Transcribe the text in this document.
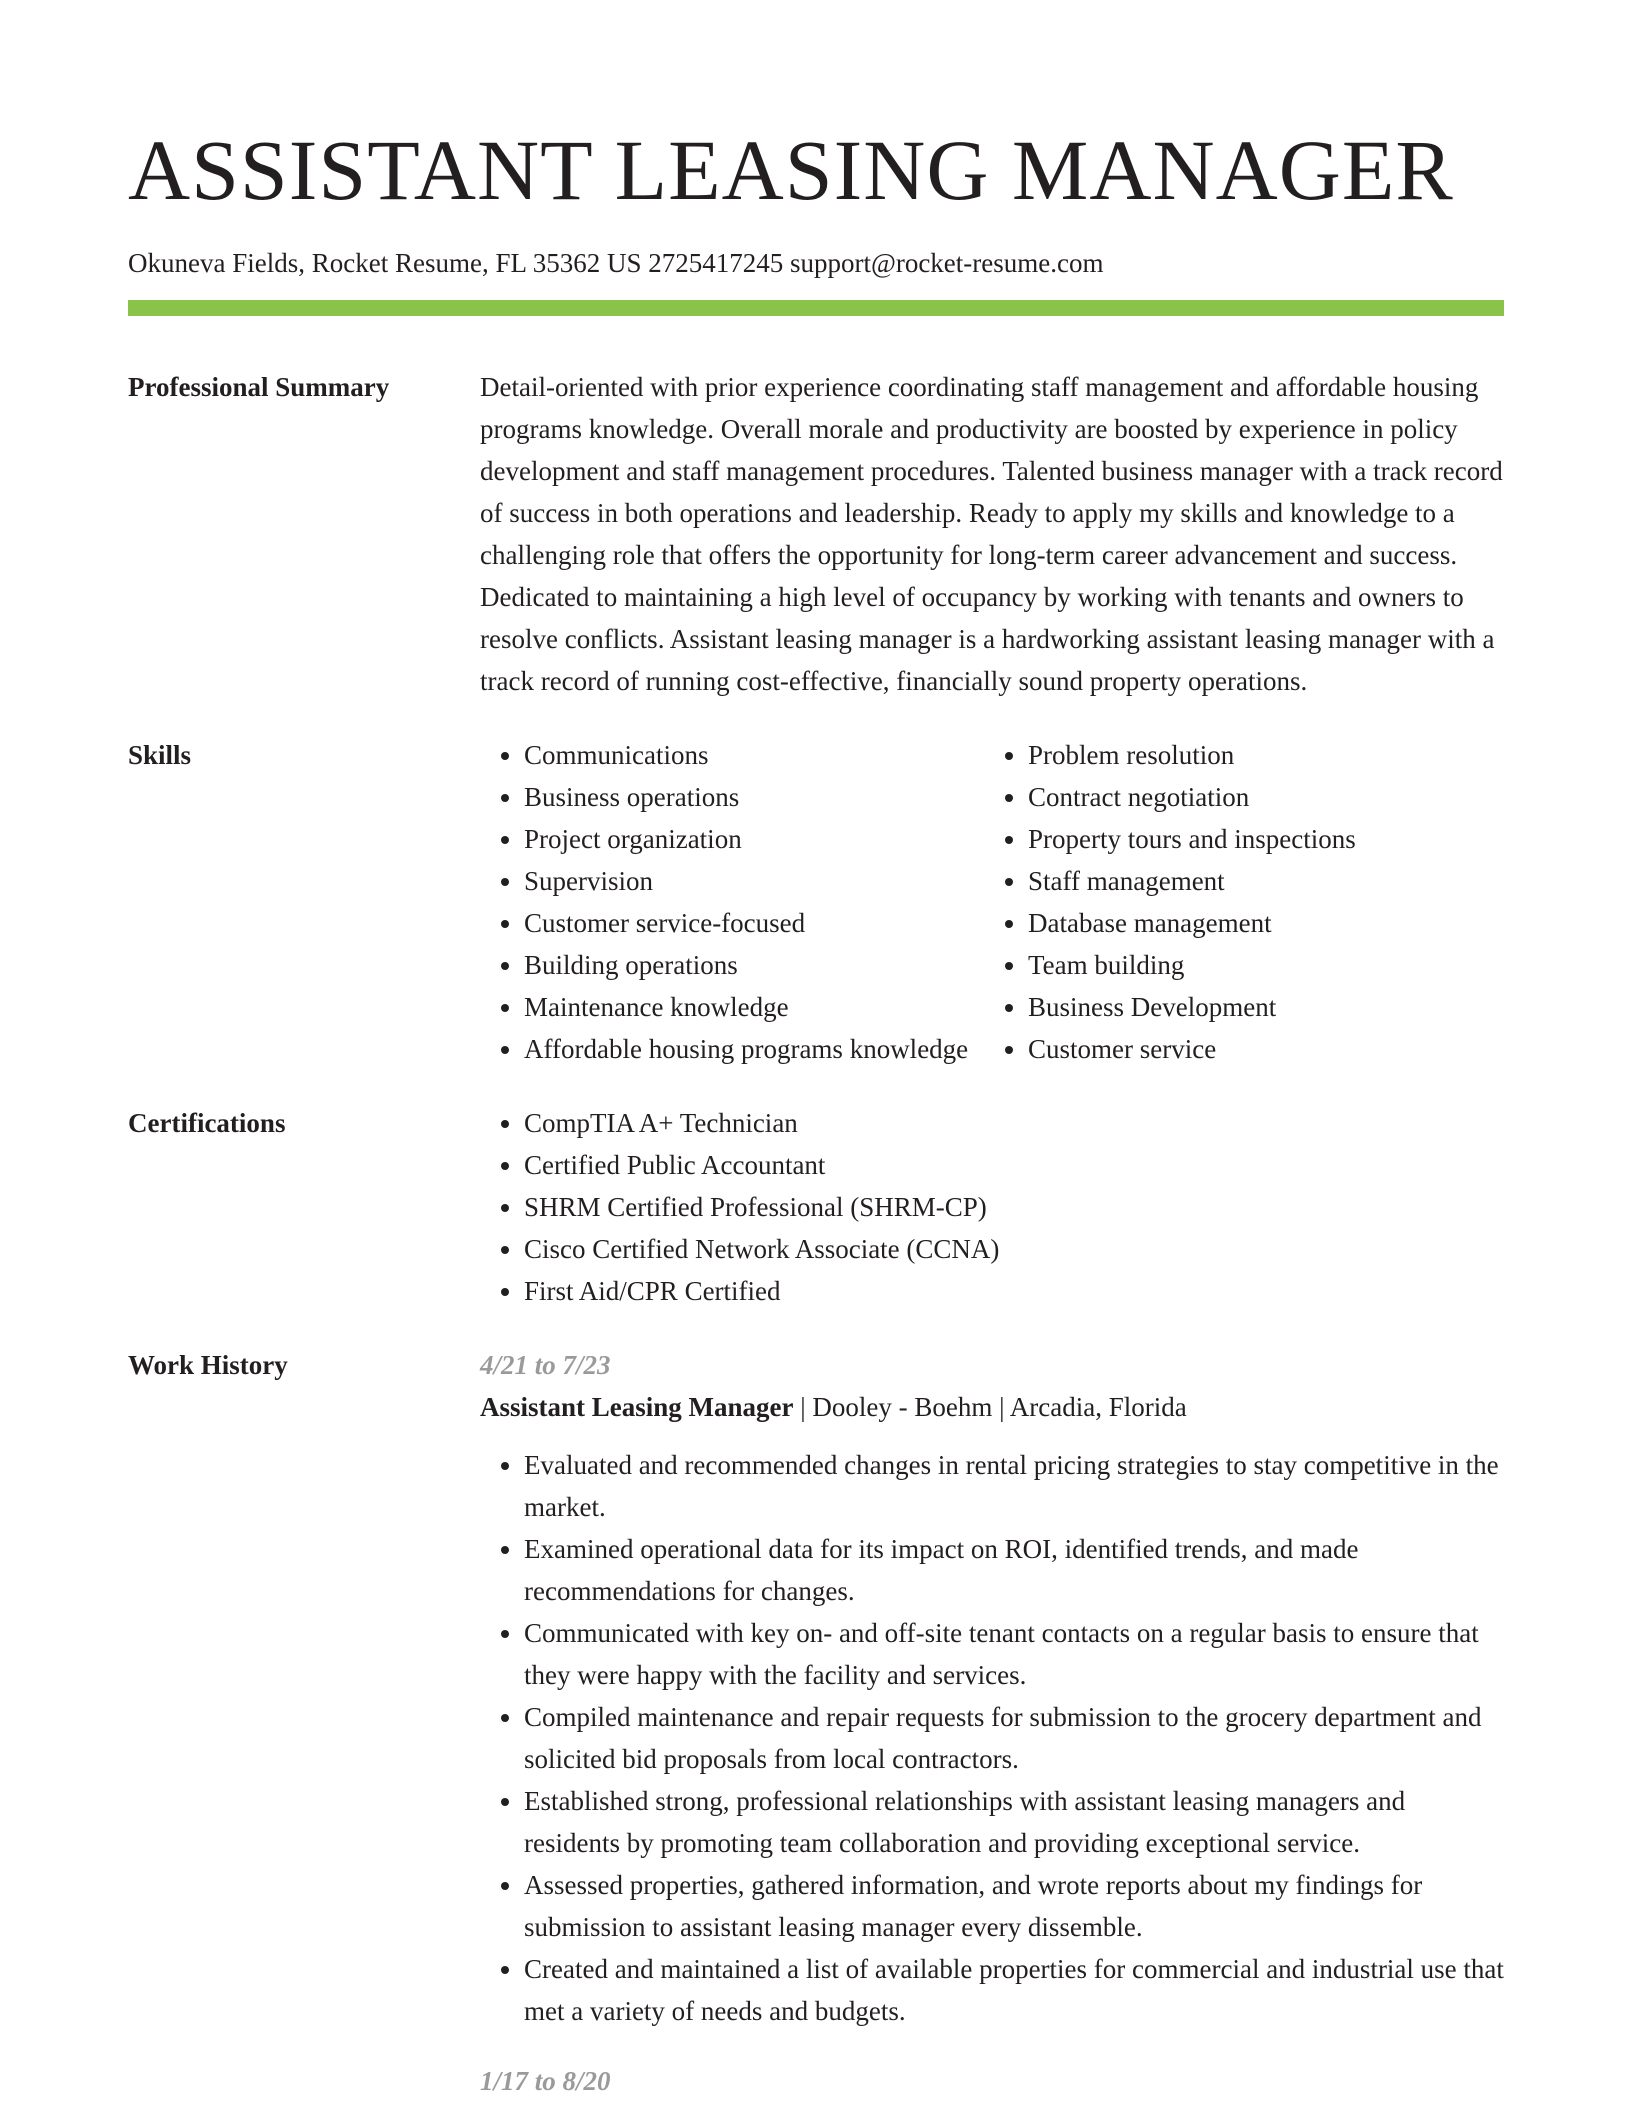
ASSISTANT LEASING MANAGER
Okuneva Fields, Rocket Resume, FL 35362 US 2725417245 support@rocket-resume.com
Professional Summary	Detail-oriented with prior experience coordinating staff management and affordable housing programs knowledge. Overall morale and productivity are boosted by experience in policy development and staff management procedures. Talented business manager with a track record of success in both operations and leadership. Ready to apply my skills and knowledge to a challenging role that offers the opportunity for long-term career advancement and success. Dedicated to maintaining a high level of occupancy by working with tenants and owners to resolve conflicts. Assistant leasing manager is a hardworking assistant leasing manager with a track record of running cost-effective, financially sound property operations.
Skills	• Communications
• Business operations
• Project organization
• Supervision
• Customer service-focused
• Building operations
• Maintenance knowledge
• Affordable housing programs knowledge
• Problem resolution
• Contract negotiation
• Property tours and inspections
• Staff management
• Database management
• Team building
• Business Development
• Customer service
Certifications	• CompTIA A+ Technician
• Certified Public Accountant
• SHRM Certified Professional (SHRM-CP)
• Cisco Certified Network Associate (CCNA)
• First Aid/CPR Certified
Work History	4/21 to 7/23
Assistant Leasing Manager | Dooley - Boehm | Arcadia, Florida
• Evaluated and recommended changes in rental pricing strategies to stay competitive in the market.
• Examined operational data for its impact on ROI, identified trends, and made recommendations for changes.
• Communicated with key on- and off-site tenant contacts on a regular basis to ensure that they were happy with the facility and services.
• Compiled maintenance and repair requests for submission to the grocery department and solicited bid proposals from local contractors.
• Established strong, professional relationships with assistant leasing managers and residents by promoting team collaboration and providing exceptional service.
• Assessed properties, gathered information, and wrote reports about my findings for submission to assistant leasing manager every dissemble.
• Created and maintained a list of available properties for commercial and industrial use that met a variety of needs and budgets.
1/17 to 8/20
